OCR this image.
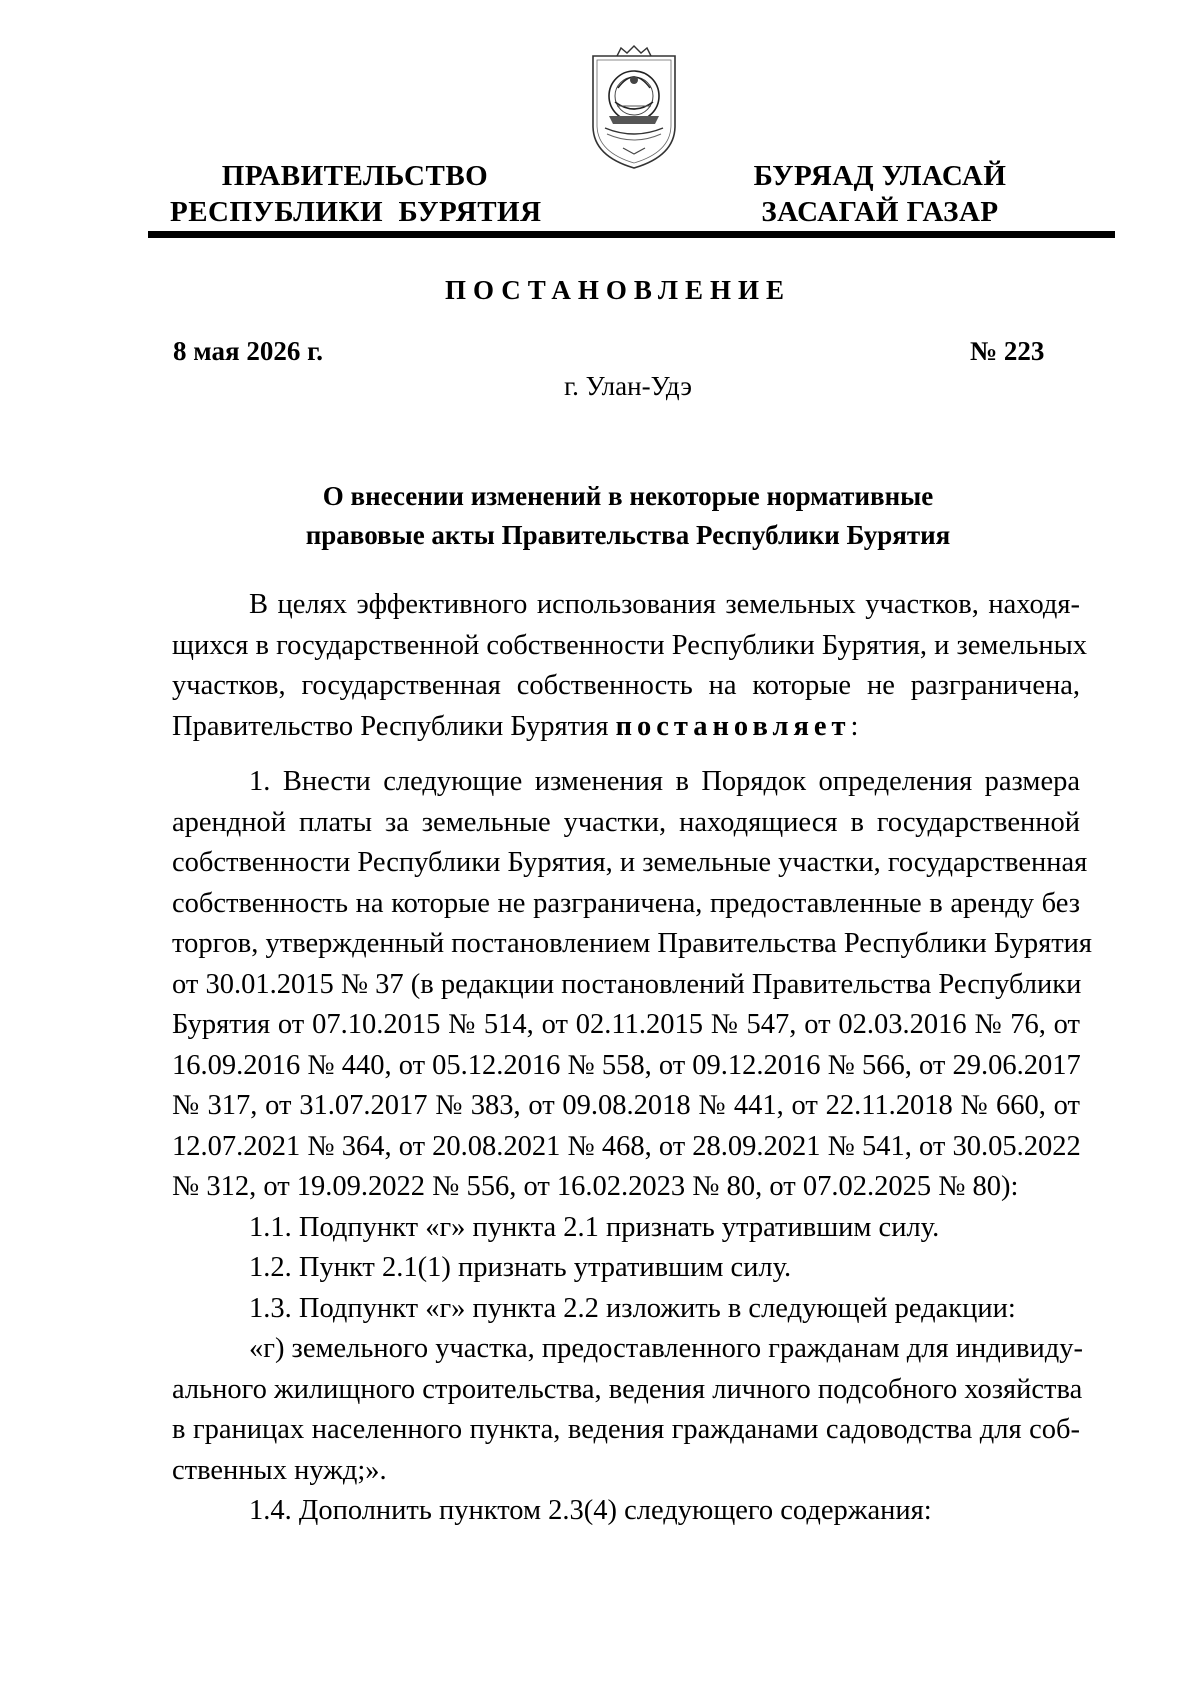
ПРАВИТЕЛЬСТВО
РЕСПУБЛИКИ  БУРЯТИЯ
БУРЯАД УЛАСАЙ
ЗАСАГАЙ ГАЗАР
ПОСТАНОВЛЕНИЕ
8 мая 2026 г.	№ 223
г. Улан-Удэ
О внесении изменений в некоторые нормативные
правовые акты Правительства Республики Бурятия
В целях эффективного использования земельных участков, находя-
щихся в государственной собственности Республики Бурятия, и земельных
участков, государственная собственность на которые не разграничена,
Правительство Республики Бурятия постановляет:
1. Внести следующие изменения в Порядок определения размера
арендной платы за земельные участки, находящиеся в государственной
собственности Республики Бурятия, и земельные участки, государственная
собственность на которые не разграничена, предоставленные в аренду без
торгов, утвержденный постановлением Правительства Республики Бурятия
от 30.01.2015 № 37 (в редакции постановлений Правительства Республики
Бурятия от 07.10.2015 № 514, от 02.11.2015 № 547, от 02.03.2016 № 76, от
16.09.2016 № 440, от 05.12.2016 № 558, от 09.12.2016 № 566, от 29.06.2017
№ 317, от 31.07.2017 № 383, от 09.08.2018 № 441, от 22.11.2018 № 660, от
12.07.2021 № 364, от 20.08.2021 № 468, от 28.09.2021 № 541, от 30.05.2022
№ 312, от 19.09.2022 № 556, от 16.02.2023 № 80, от 07.02.2025 № 80):
1.1. Подпункт «г» пункта 2.1 признать утратившим силу.
1.2. Пункт 2.1(1) признать утратившим силу.
1.3. Подпункт «г» пункта 2.2 изложить в следующей редакции:
«г) земельного участка, предоставленного гражданам для индивиду-
ального жилищного строительства, ведения личного подсобного хозяйства
в границах населенного пункта, ведения гражданами садоводства для соб-
ственных нужд;».
1.4. Дополнить пунктом 2.3(4) следующего содержания:
